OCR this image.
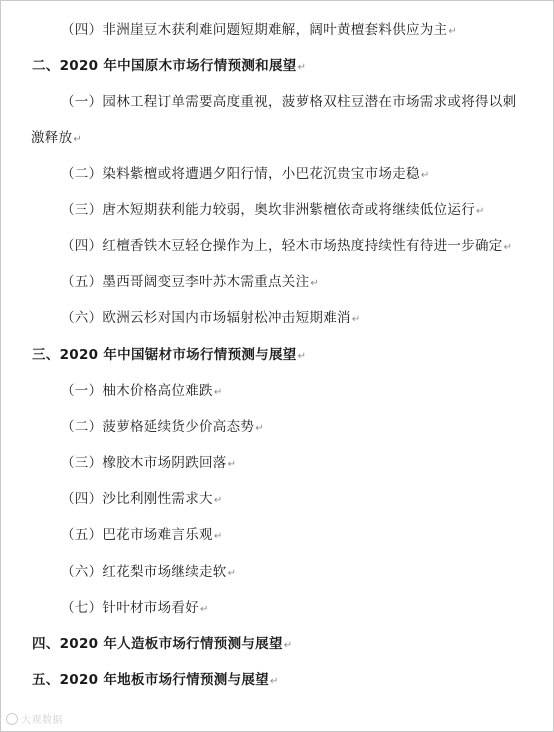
（四）非洲崖豆木获利难问题短期难解，阔叶黄檀套料供应为主↵
二、2020 年中国原木市场行情预测和展望↵
（一）园林工程订单需要高度重视，菠萝格双柱豆潜在市场需求或将得以刺
激释放↵
（二）染料紫檀或将遭遇夕阳行情，小巴花沉贵宝市场走稳↵
（三）唐木短期获利能力较弱，奥坎非洲紫檀依奇或将继续低位运行↵
（四）红檀香铁木豆轻仓操作为上，轻木市场热度持续性有待进一步确定↵
（五）墨西哥阔变豆李叶苏木需重点关注↵
（六）欧洲云杉对国内市场辐射松冲击短期难消↵
三、2020 年中国锯材市场行情预测与展望↵
（一）柚木价格高位难跌↵
（二）菠萝格延续货少价高态势↵
（三）橡胶木市场阴跌回落↵
（四）沙比利刚性需求大↵
（五）巴花市场难言乐观↵
（六）红花梨市场继续走软↵
（七）针叶材市场看好↵
四、2020 年人造板市场行情预测与展望↵
五、2020 年地板市场行情预测与展望↵
大观数据
